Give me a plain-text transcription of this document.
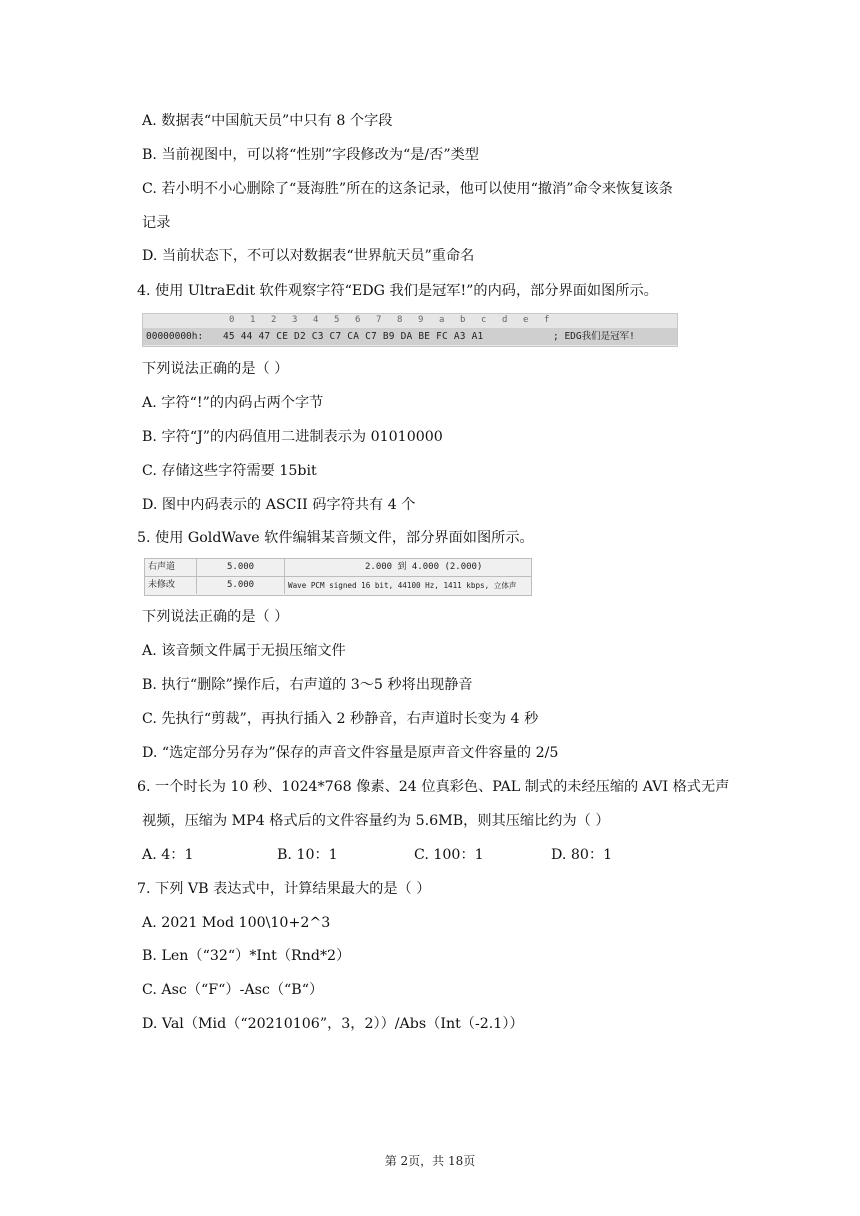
A. 数据表“中国航天员”中只有 8 个字段
B. 当前视图中，可以将“性别”字段修改为“是/否”类型
C. 若小明不小心删除了“聂海胜”所在的这条记录，他可以使用“撤消”命令来恢复该条
记录
D. 当前状态下，不可以对数据表“世界航天员”重命名
4. 使用 UltraEdit 软件观察字符“EDG 我们是冠军!”的内码，部分界面如图所示。
0 1 2 3 4 5 6 7 8 9 a b c d e f
00000000h: 45 44 47 CE D2 C3 C7 CA C7 B9 DA BE FC A3 A1	; EDG我们是冠军!
下列说法正确的是（ ）
A. 字符“!”的内码占两个字节
B. 字符“J”的内码值用二进制表示为 01010000
C. 存储这些字符需要 15bit
D. 图中内码表示的 ASCII 码字符共有 4 个
5. 使用 GoldWave 软件编辑某音频文件，部分界面如图所示。
右声道	5.000	2.000 到 4.000 (2.000)
未修改	5.000	Wave PCM signed 16 bit, 44100 Hz, 1411 kbps, 立体声
下列说法正确的是（ ）
A. 该音频文件属于无损压缩文件
B. 执行“删除”操作后，右声道的 3～5 秒将出现静音
C. 先执行“剪裁”，再执行插入 2 秒静音，右声道时长变为 4 秒
D. “选定部分另存为”保存的声音文件容量是原声音文件容量的 2/5
6. 一个时长为 10 秒、1024*768 像素、24 位真彩色、PAL 制式的未经压缩的 AVI 格式无声
视频，压缩为 MP4 格式后的文件容量约为 5.6MB，则其压缩比约为（ ）
A. 4：1	B. 10：1	C. 100：1	D. 80：1
7. 下列 VB 表达式中，计算结果最大的是（ ）
A. 2021 Mod 100\10+2^3
B. Len（“32“）*Int（Rnd*2）
C. Asc（“F“）-Asc（“B“）
D. Val（Mid（“20210106”，3，2））/Abs（Int（-2.1））
第 2页，共 18页
